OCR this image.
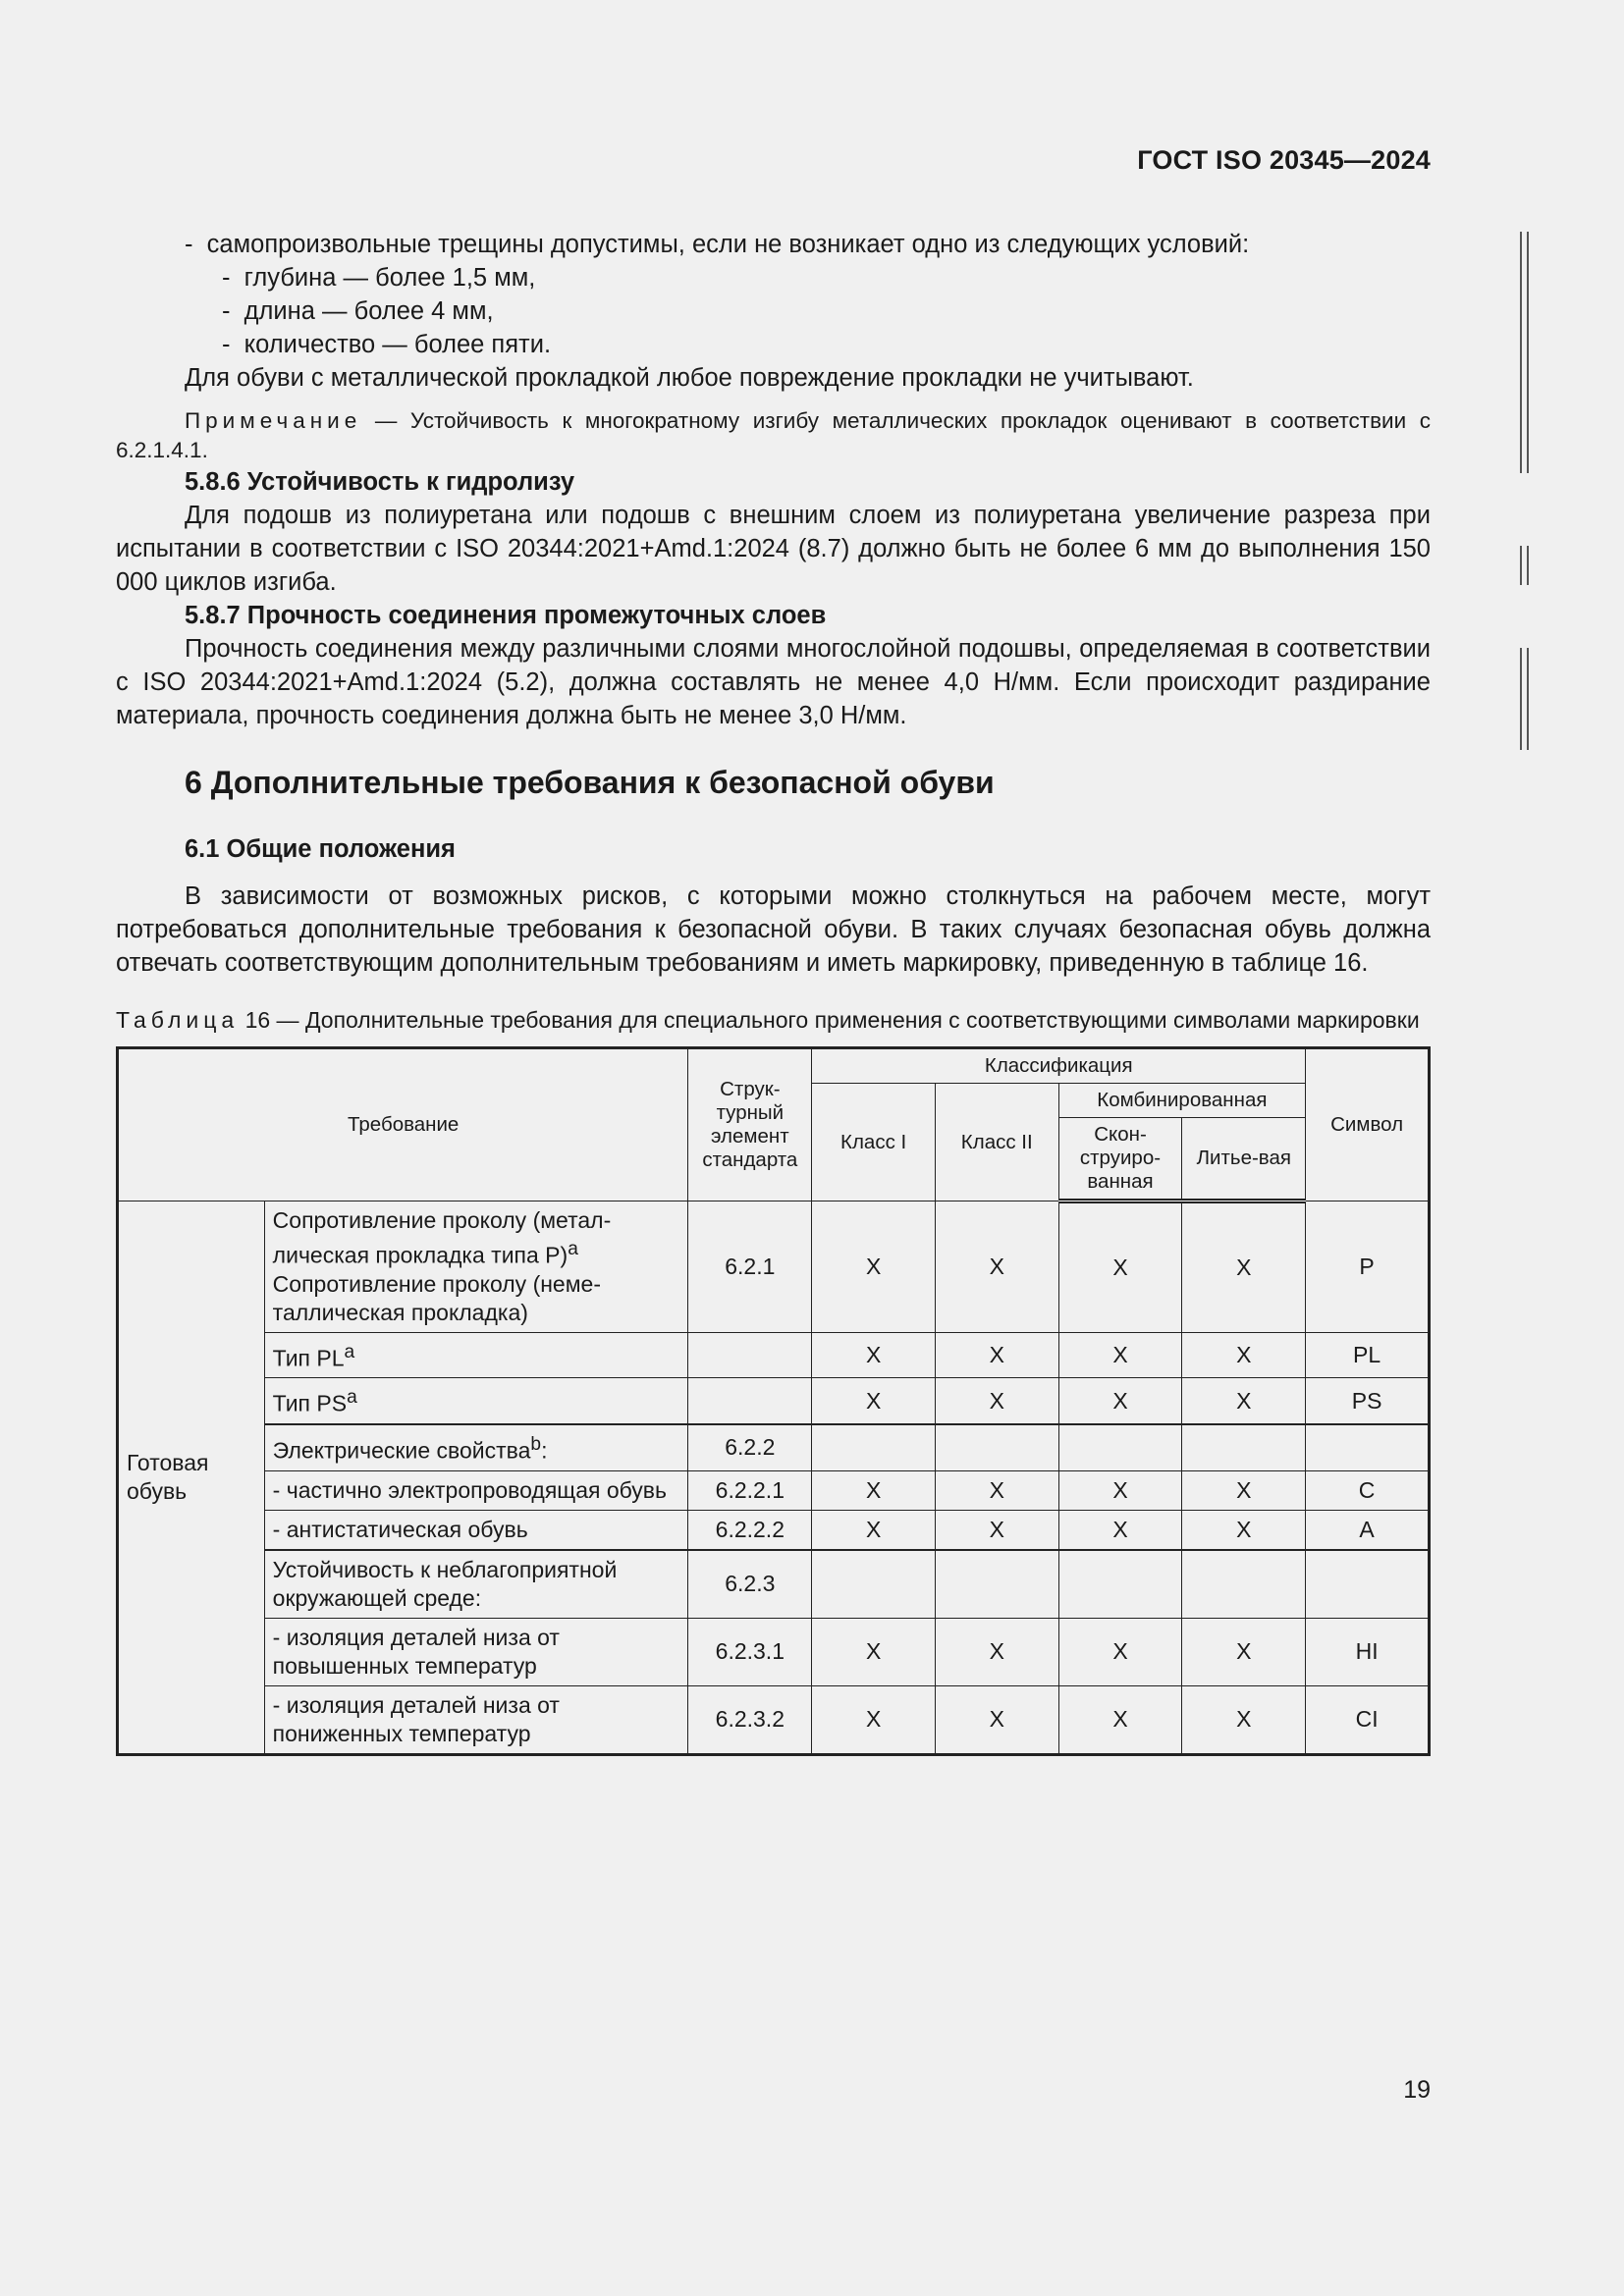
ГОСТ ISO 20345—2024
-  самопроизвольные трещины допустимы, если не возникает одно из следующих условий:
-  глубина — более 1,5 мм,
-  длина — более 4 мм,
-  количество — более пяти.
Для обуви с металлической прокладкой любое повреждение прокладки не учитывают.
Примечание — Устойчивость к многократному изгибу металлических прокладок оценивают в соответствии с 6.2.1.4.1.
5.8.6 Устойчивость к гидролизу
Для подошв из полиуретана или подошв с внешним слоем из полиуретана увеличение разреза при испытании в соответствии с ISO 20344:2021+Amd.1:2024 (8.7) должно быть не более 6 мм до выполнения 150 000 циклов изгиба.
5.8.7 Прочность соединения промежуточных слоев
Прочность соединения между различными слоями многослойной подошвы, определяемая в соответствии с ISO 20344:2021+Amd.1:2024 (5.2), должна составлять не менее 4,0 Н/мм. Если происходит раздирание материала, прочность соединения должна быть не менее 3,0 Н/мм.
6 Дополнительные требования к безопасной обуви
6.1 Общие положения
В зависимости от возможных рисков, с которыми можно столкнуться на рабочем месте, могут потребоваться дополнительные требования к безопасной обуви. В таких случаях безопасная обувь должна отвечать соответствующим дополнительным требованиям и иметь маркировку, приведенную в таблице 16.
Таблица 16 — Дополнительные требования для специального применения с соответствующими символами маркировки
Требование		Струк-турный элемент стандарта	Классификация				Символ
			Класс I	Класс II	Комбинированная		
					Скон-струиро-ванная	Литье-вая	
Готовая обувь	Сопротивление проколу (метал-лическая прокладка типа P)$^a$
Сопротивление проколу (неме-таллическая прокладка)	6.2.1	X	X	X	X	P
	Тип $PL^a$		X	X	X	X	PL
	Тип $PS^a$		X	X	X	X	PS
	Электрические свойства$^b$:	6.2.2					
	- частично электропроводящая обувь	6.2.2.1	X	X	X	X	C
	- антистатическая обувь	6.2.2.2	X	X	X	X	A
	Устойчивость к неблагоприятной окружающей среде:	6.2.3					
	- изоляция деталей низа от повышенных температур	6.2.3.1	X	X	X	X	HI
	- изоляция деталей низа от пониженных температур	6.2.3.2	X	X	X	X	CI
19
